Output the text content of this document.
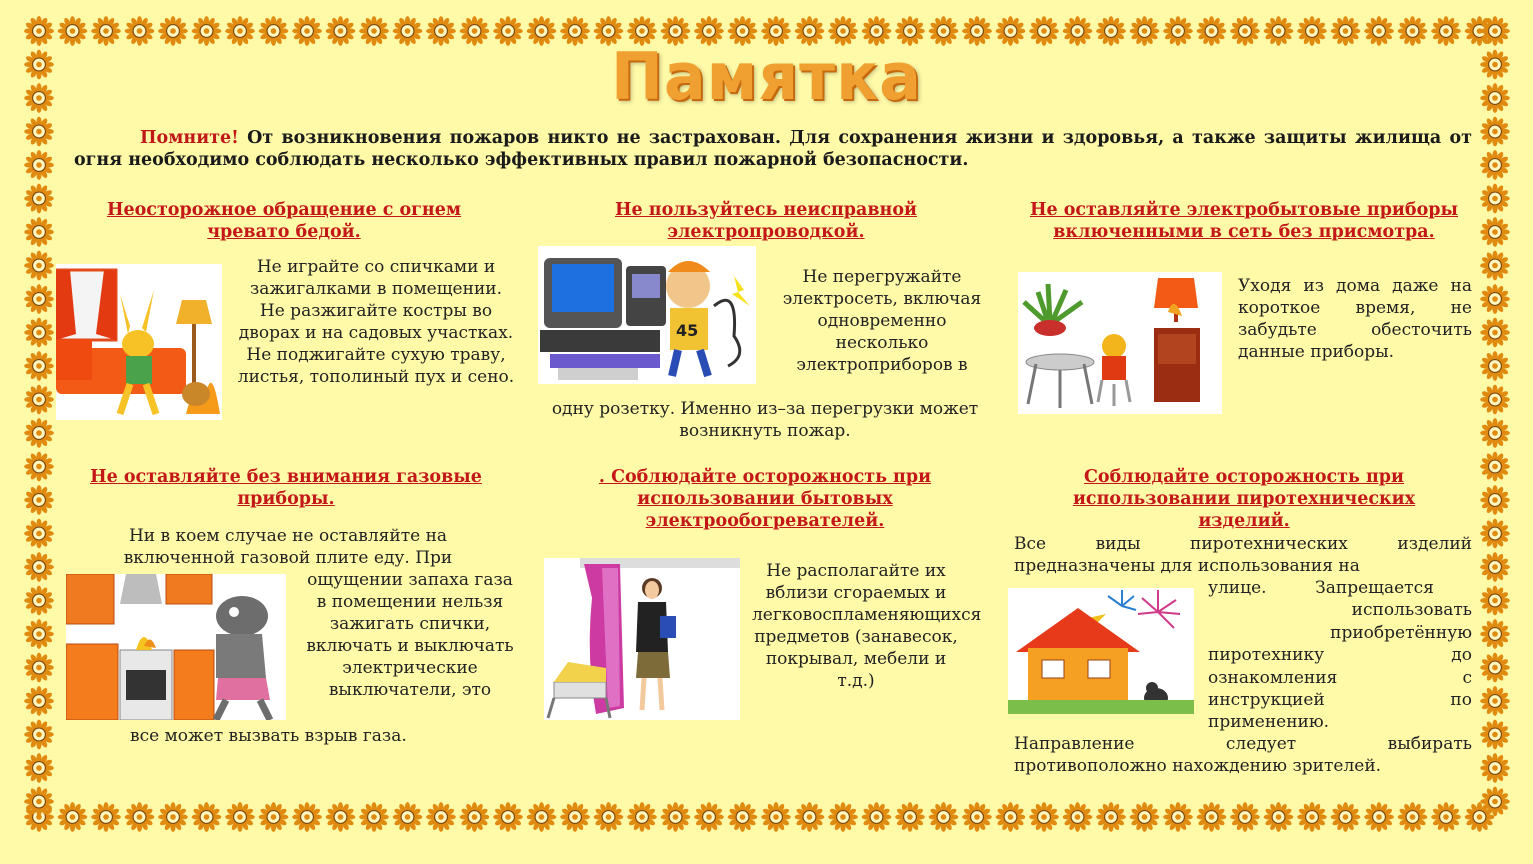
Памятка
Помните! От возникновения пожаров никто не застрахован. Для сохранения жизни и здоровья, а также защиты жилища от огня необходимо соблюдать несколько эффективных правил пожарной безопасности.
Неосторожное обращение с огнем чревато бедой.
Не играйте со спичками и зажигалками в помещении. Не разжигайте костры во дворах и на садовых участках. Не поджигайте сухую траву, листья, тополиный пух и сено.
Не пользуйтесь неисправной электропроводкой.
45
Не перегружайте электросеть, включая одновременно несколько электроприборов в
одну розетку. Именно из–за перегрузки может возникнуть пожар.
Не оставляйте электробытовые приборы включенными в сеть без присмотра.
Уходя из дома даже на короткое время, не забудьте обесточить данные приборы.
Не оставляйте без внимания газовые приборы.
Ни в коем случае не оставляйте на включенной газовой плите еду. При
ощущении запаха газа в помещении нельзя зажигать спички, включать и выключать электрические выключатели, это
все может вызвать взрыв газа.
. Соблюдайте осторожность при использовании бытовых электрообогревателей.
Не располагайте их вблизи сгораемых и легковоспламеняющихся предметов (занавесок, покрывал, мебели и т.д.)
Соблюдайте осторожность при использовании пиротехнических изделий.
Все виды пиротехнических изделий предназначены для использования на
улице.         Запрещается
использовать
приобретённую
пиротехнику	до
ознакомления	с
инструкцией	по
применению.
Направление	следует	выбирать
противоположно нахождению зрителей.
